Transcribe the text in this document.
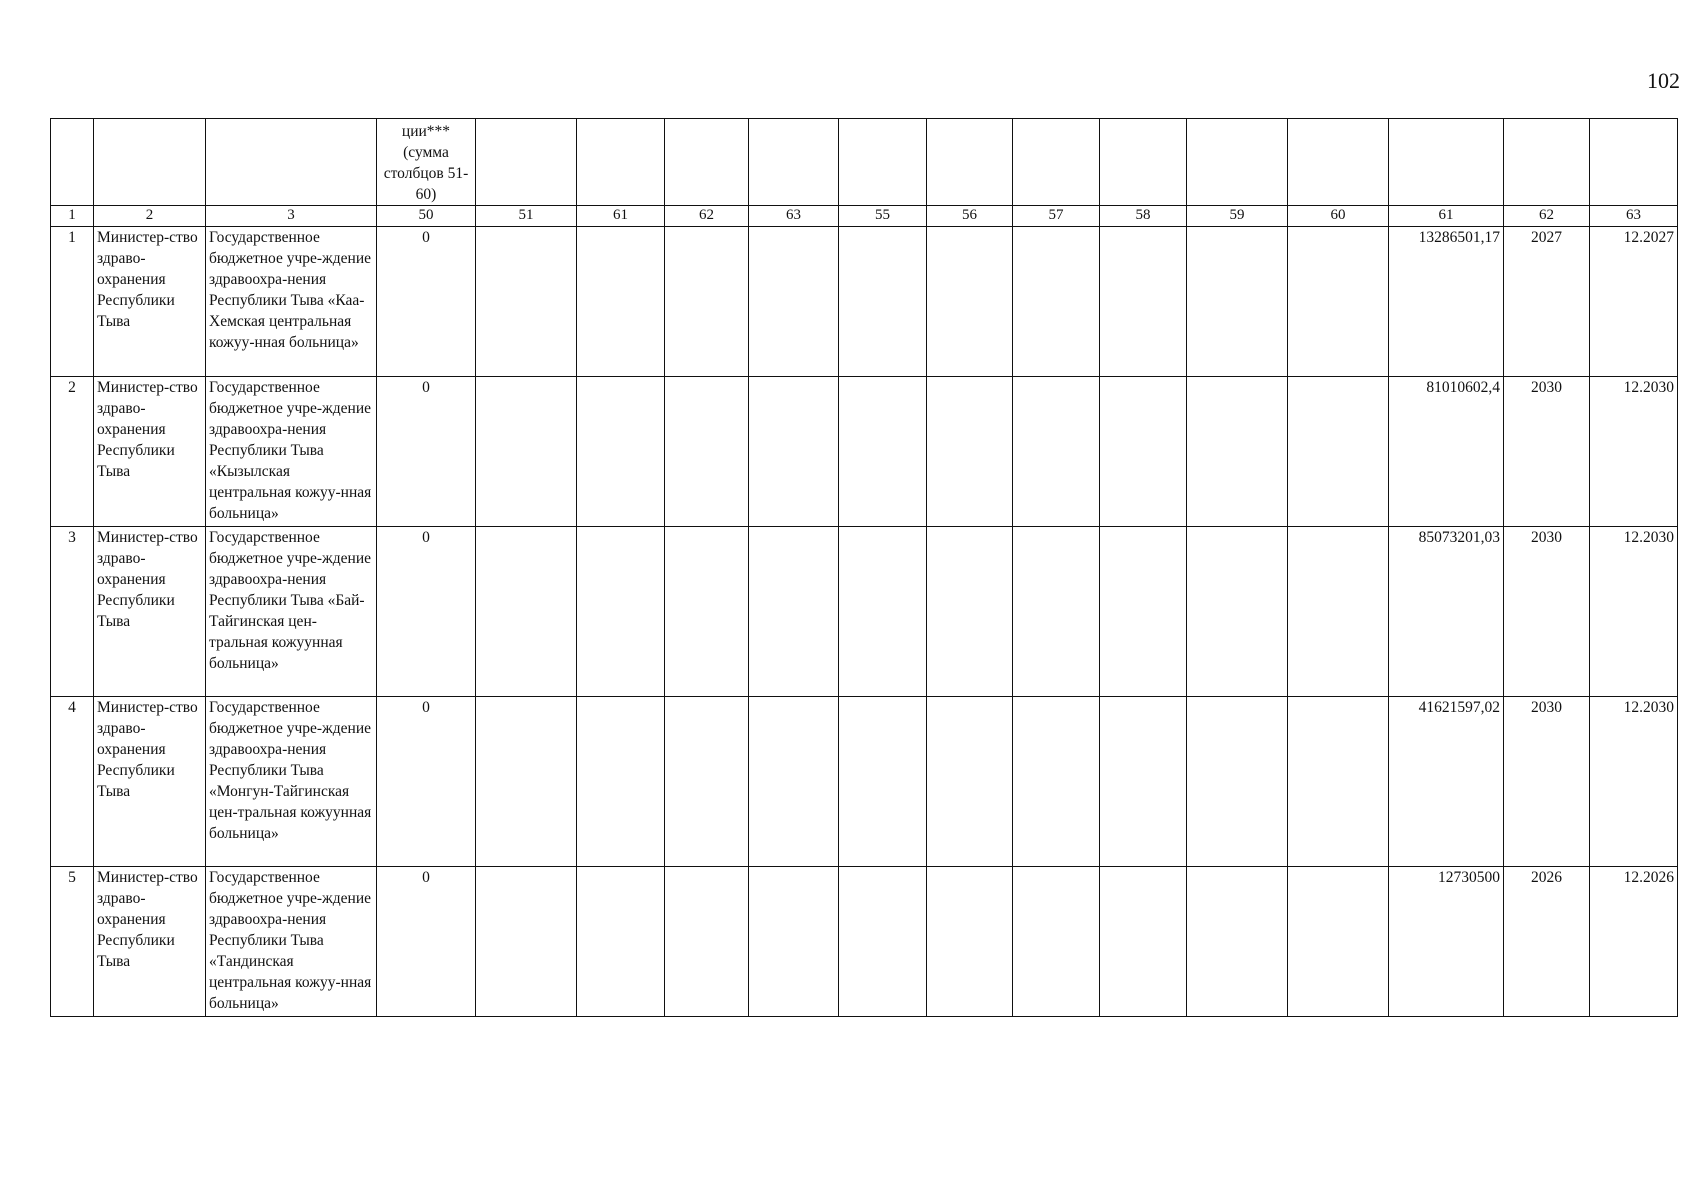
102
			ции*** (сумма столбцов 51-60)													
1	2	3	50	51	61	62	63	55	56	57	58	59	60	61	62	63
1	Министер-ство здраво-охранения Республики Тыва	Государственное бюджетное учре-ждение здравоохра-нения Республики Тыва «Каа-Хемская центральная кожуу-нная больница»	0											13286501,17	2027	12.2027
2	Министер-ство здраво-охранения Республики Тыва	Государственное бюджетное учре-ждение здравоохра-нения Республики Тыва «Кызылская центральная кожуу-нная больница»	0											81010602,4	2030	12.2030
3	Министер-ство здраво-охранения Республики Тыва	Государственное бюджетное учре-ждение здравоохра-нения Республики Тыва «Бай-Тайгинская цен-тральная кожуунная больница»	0											85073201,03	2030	12.2030
4	Министер-ство здраво-охранения Республики Тыва	Государственное бюджетное учре-ждение здравоохра-нения Республики Тыва «Монгун-Тайгинская цен-тральная кожуунная больница»	0											41621597,02	2030	12.2030
5	Министер-ство здраво-охранения Республики Тыва	Государственное бюджетное учре-ждение здравоохра-нения Республики Тыва «Тандинская центральная кожуу-нная больница»	0											12730500	2026	12.2026
